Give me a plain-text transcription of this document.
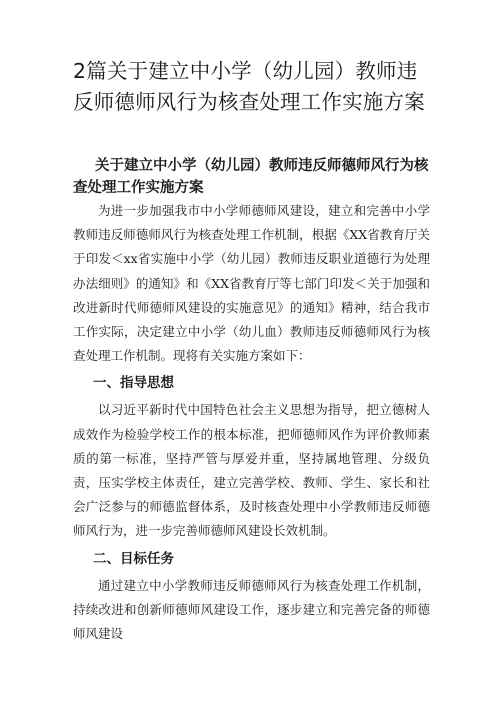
2篇关于建立中小学（幼儿园）教师违反师德师风行为核查处理工作实施方案
关于建立中小学（幼儿园）教师违反师德师风行为核查处理工作实施方案

为进一步加强我市中小学师德师风建设，建立和完善中小学教师违反师德师风行为核查处理工作机制，根据《XX省教育厅关于印发＜xx省实施中小学（幼儿园）教师违反职业道德行为处理办法细则》的通知》和《XX省教育厅等七部门印发＜关于加强和改进新时代师德师风建设的实施意见》的通知》精神，结合我市工作实际，决定建立中小学（幼儿血）教师违反师德师风行为核查处理工作机制。现将有关实施方案如下：

一、指导思想

以习近平新时代中国特色社会主义思想为指导，把立德树人成效作为检验学校工作的根本标准，把师德师风作为评价教师素质的第一标准，坚持严管与厚爱并重，坚持属地管理、分级负责，压实学校主体责任，建立完善学校、教师、学生、家长和社会广泛参与的师德监督体系，及时核查处理中小学教师违反师德师风行为，进一步完善师德师风建设长效机制。

二、目标任务

通过建立中小学教师违反师德师风行为核查处理工作机制，持续改进和创新师德师风建设工作，逐步建立和完善完备的师德师风建设
